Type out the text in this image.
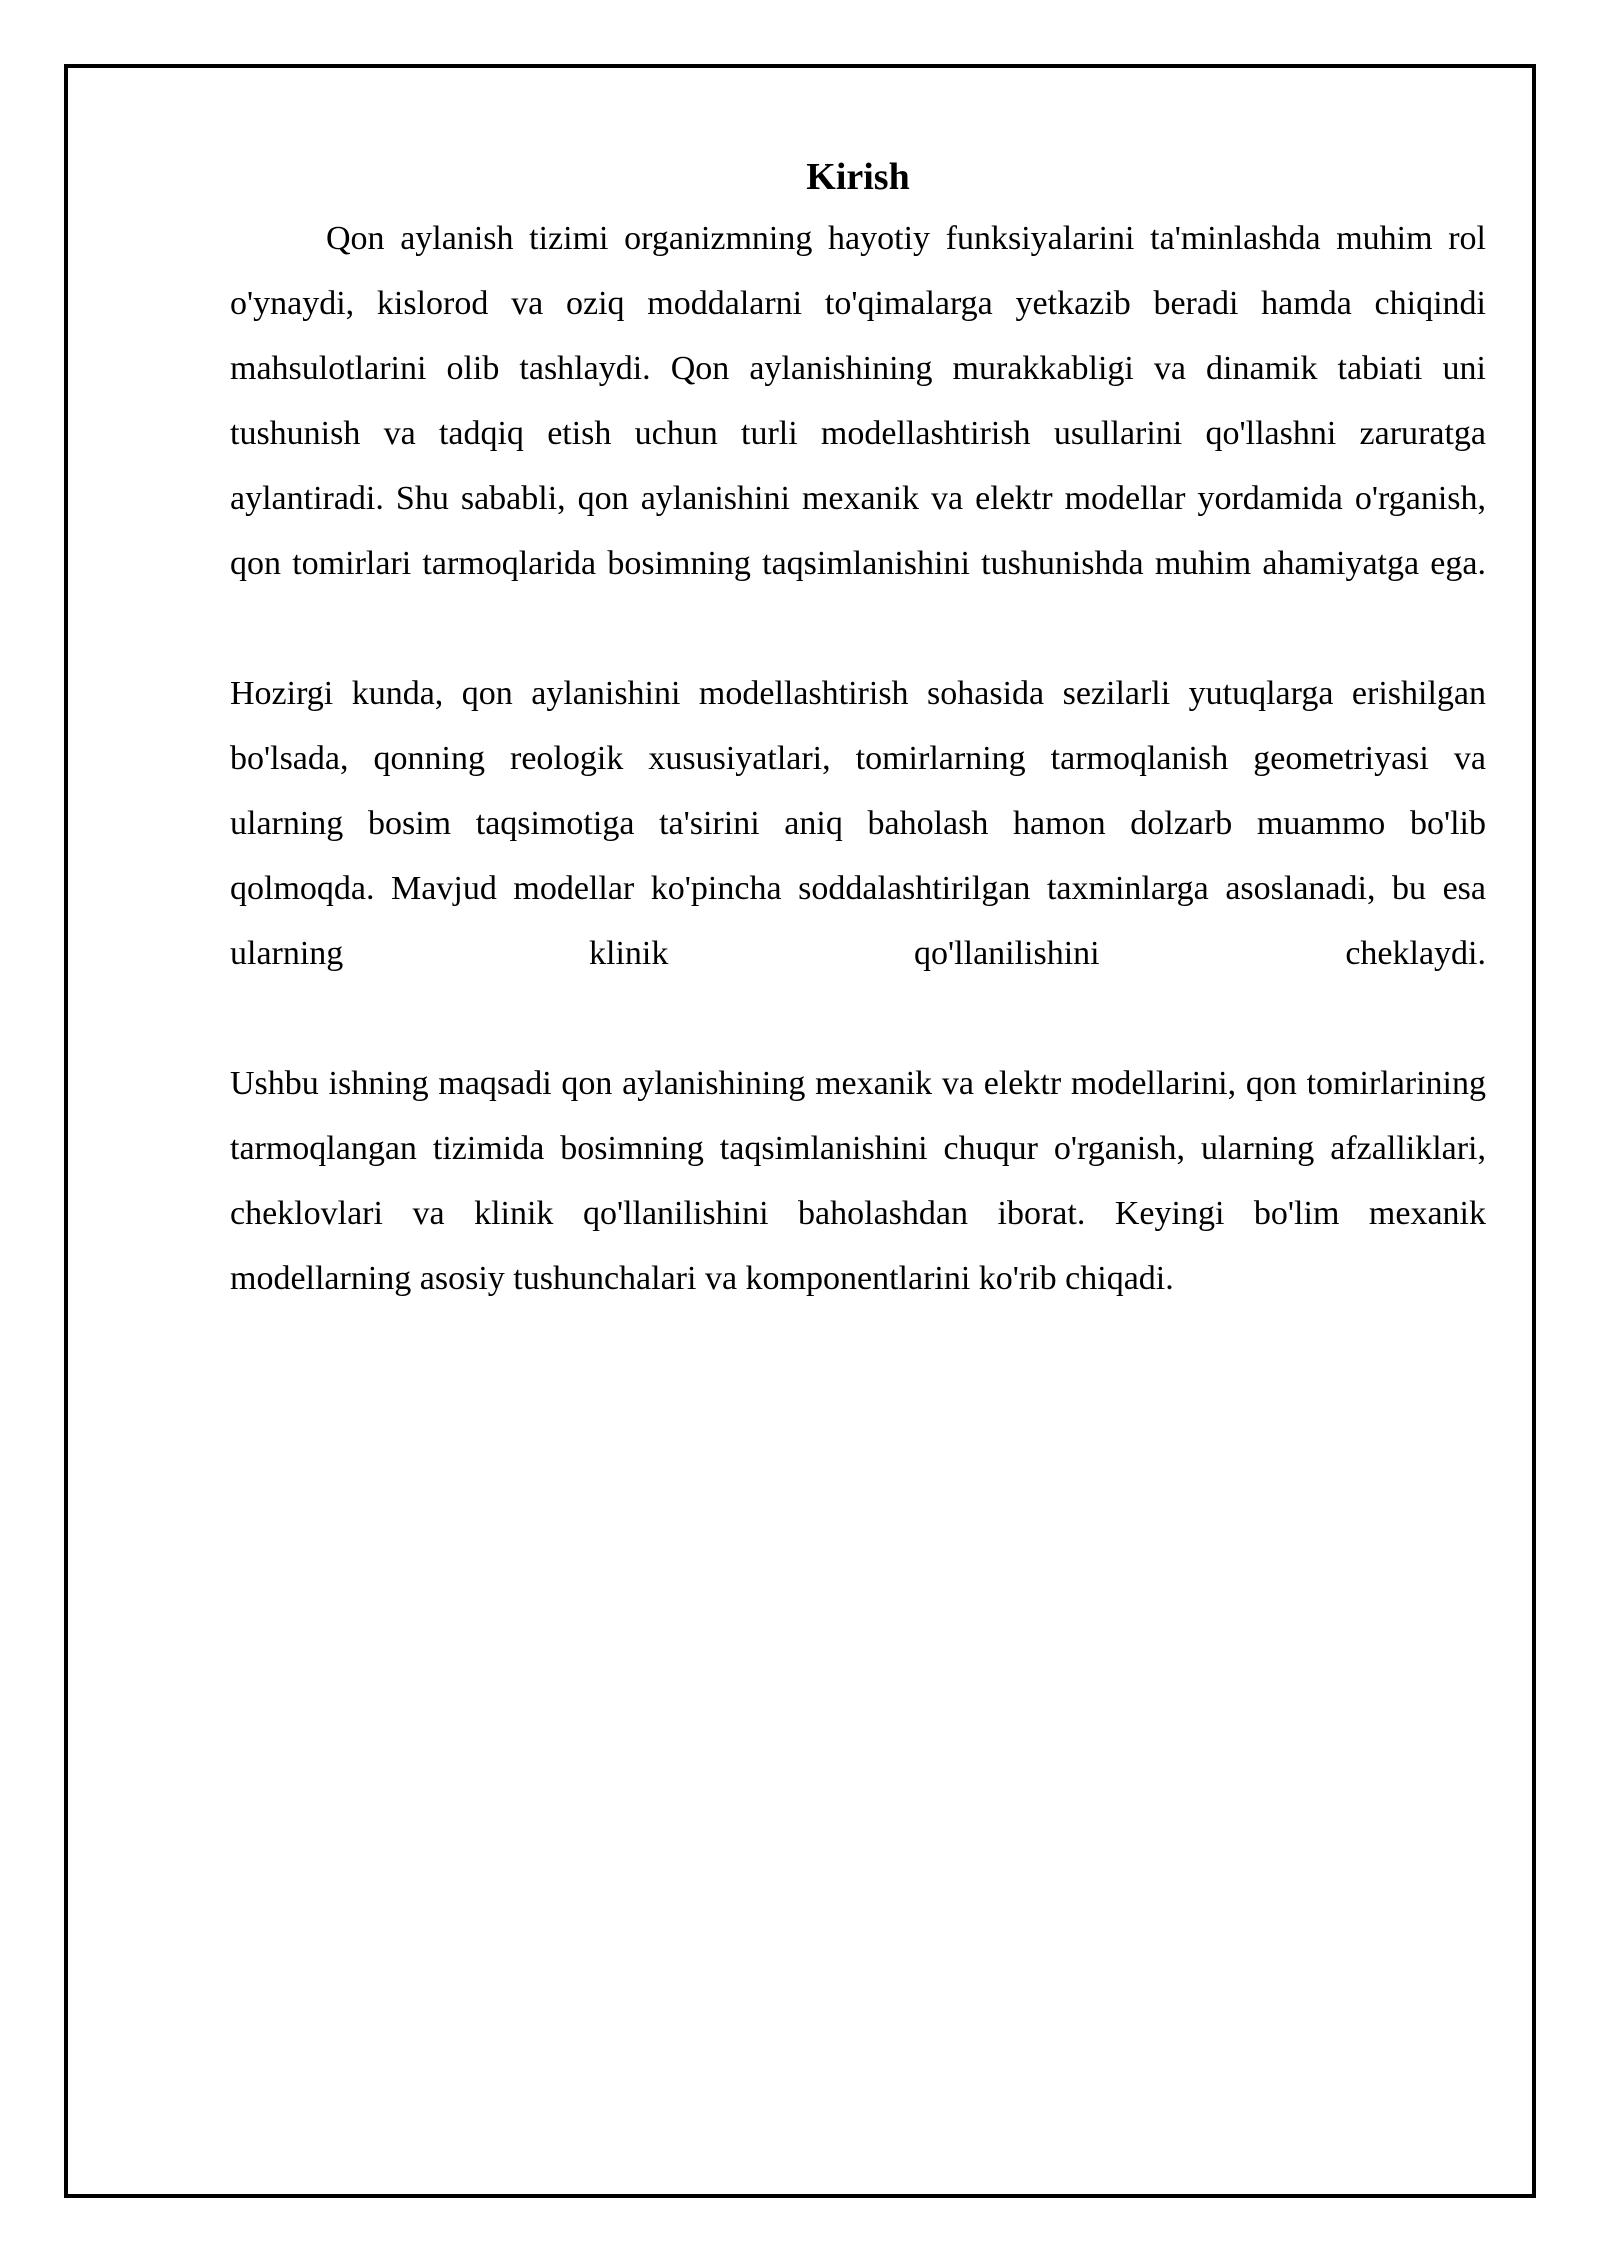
Kirish

Qon aylanish tizimi organizmning hayotiy funksiyalarini ta'minlashda muhim rol o'ynaydi, kislorod va oziq moddalarni to'qimalarga yetkazib beradi hamda chiqindi mahsulotlarini olib tashlaydi. Qon aylanishining murakkabligi va dinamik tabiati uni tushunish va tadqiq etish uchun turli modellashtirish usullarini qo'llashni zaruratga aylantiradi. Shu sababli, qon aylanishini mexanik va elektr modellar yordamida o'rganish, qon tomirlari tarmoqlarida bosimning taqsimlanishini tushunishda muhim ahamiyatga ega.

Hozirgi kunda, qon aylanishini modellashtirish sohasida sezilarli yutuqlarga erishilgan bo'lsada, qonning reologik xususiyatlari, tomirlarning tarmoqlanish geometriyasi va ularning bosim taqsimotiga ta'sirini aniq baholash hamon dolzarb muammo bo'lib qolmoqda. Mavjud modellar ko'pincha soddalashtirilgan taxminlarga asoslanadi, bu esa ularning klinik qo'llanilishini cheklaydi.

Ushbu ishning maqsadi qon aylanishining mexanik va elektr modellarini, qon tomirlarining tarmoqlangan tizimida bosimning taqsimlanishini chuqur o'rganish, ularning afzalliklari, cheklovlari va klinik qo'llanilishini baholashdan iborat. Keyingi bo'lim mexanik modellarning asosiy tushunchalari va komponentlarini ko'rib chiqadi.
